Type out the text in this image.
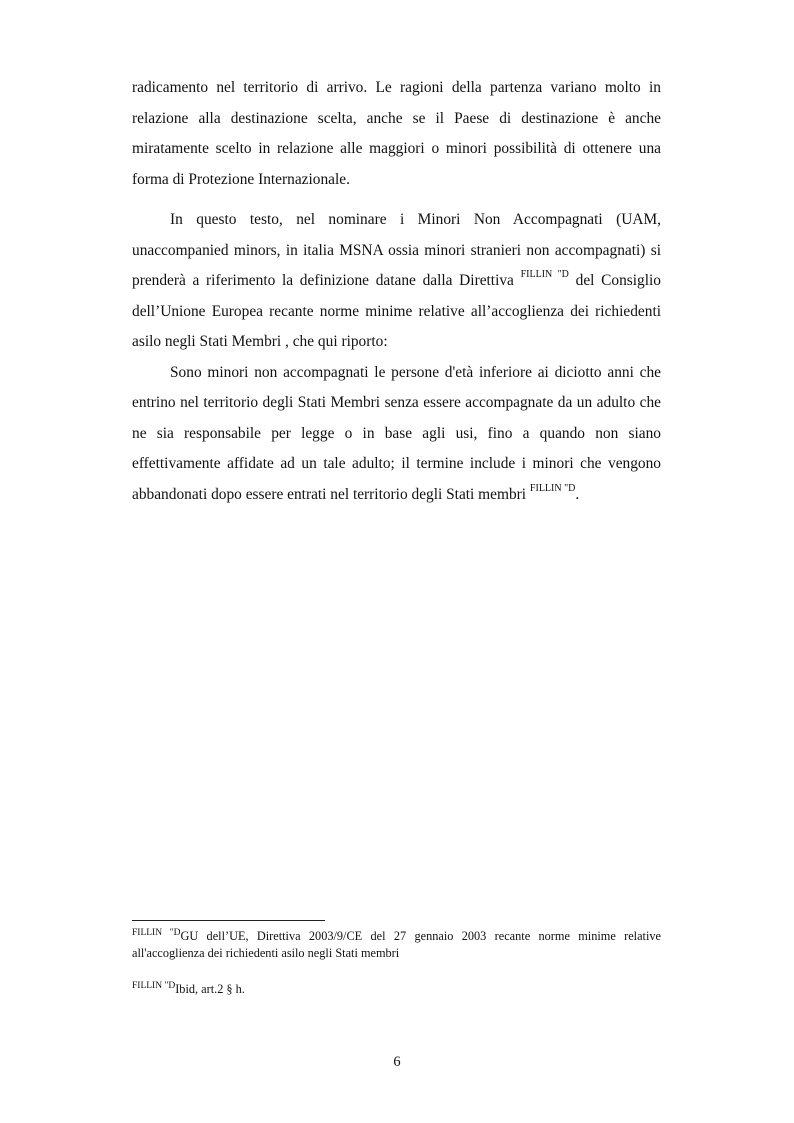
radicamento nel territorio di arrivo. Le ragioni della partenza variano molto in relazione alla destinazione scelta, anche se il Paese di destinazione è anche miratamente scelto in relazione alle maggiori o minori possibilità di ottenere una forma di Protezione Internazionale.

In questo testo, nel nominare i Minori Non Accompagnati (UAM, unaccompanied minors, in italia MSNA ossia minori stranieri non accompagnati) si prenderà a riferimento la definizione datane dalla Direttiva $^{FILLIN "D}$ del Consiglio dell’Unione Europea recante norme minime relative all’accoglienza dei richiedenti asilo negli Stati Membri , che qui riporto:

Sono minori non accompagnati le persone d'età inferiore ai diciotto anni che entrino nel territorio degli Stati Membri senza essere accompagnate da un adulto che ne sia responsabile per legge o in base agli usi, fino a quando non siano effettivamente affidate ad un tale adulto; il termine include i minori che vengono abbandonati dopo essere entrati nel territorio degli Stati membri $^{FILLIN "D}$.

$^{FILLIN "D}$GU dell’UE, Direttiva 2003/9/CE del 27 gennaio 2003 recante norme minime relative all'accoglienza dei richiedenti asilo negli Stati membri

$^{FILLIN "D}$Ibid, art.2 § h.

6
